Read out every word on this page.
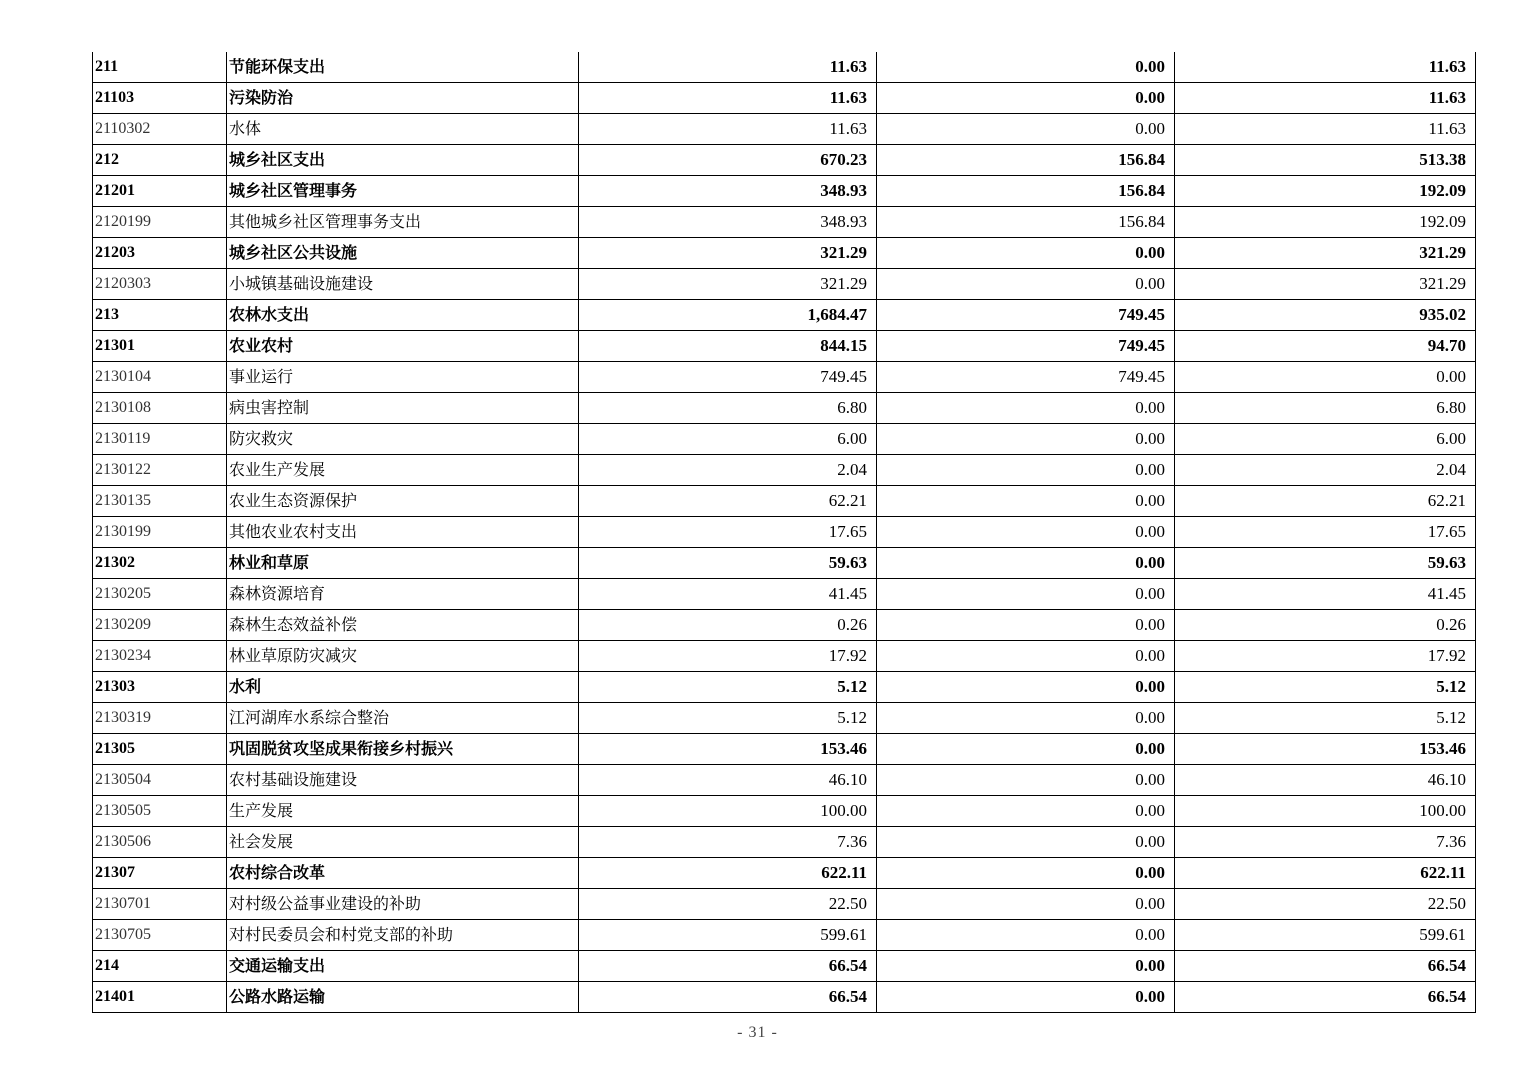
211	节能环保支出	11.63	0.00	11.63
21103	污染防治	11.63	0.00	11.63
2110302	水体	11.63	0.00	11.63
212	城乡社区支出	670.23	156.84	513.38
21201	城乡社区管理事务	348.93	156.84	192.09
2120199	其他城乡社区管理事务支出	348.93	156.84	192.09
21203	城乡社区公共设施	321.29	0.00	321.29
2120303	小城镇基础设施建设	321.29	0.00	321.29
213	农林水支出	1,684.47	749.45	935.02
21301	农业农村	844.15	749.45	94.70
2130104	事业运行	749.45	749.45	0.00
2130108	病虫害控制	6.80	0.00	6.80
2130119	防灾救灾	6.00	0.00	6.00
2130122	农业生产发展	2.04	0.00	2.04
2130135	农业生态资源保护	62.21	0.00	62.21
2130199	其他农业农村支出	17.65	0.00	17.65
21302	林业和草原	59.63	0.00	59.63
2130205	森林资源培育	41.45	0.00	41.45
2130209	森林生态效益补偿	0.26	0.00	0.26
2130234	林业草原防灾减灾	17.92	0.00	17.92
21303	水利	5.12	0.00	5.12
2130319	江河湖库水系综合整治	5.12	0.00	5.12
21305	巩固脱贫攻坚成果衔接乡村振兴	153.46	0.00	153.46
2130504	农村基础设施建设	46.10	0.00	46.10
2130505	生产发展	100.00	0.00	100.00
2130506	社会发展	7.36	0.00	7.36
21307	农村综合改革	622.11	0.00	622.11
2130701	对村级公益事业建设的补助	22.50	0.00	22.50
2130705	对村民委员会和村党支部的补助	599.61	0.00	599.61
214	交通运输支出	66.54	0.00	66.54
21401	公路水路运输	66.54	0.00	66.54
- 31 -
